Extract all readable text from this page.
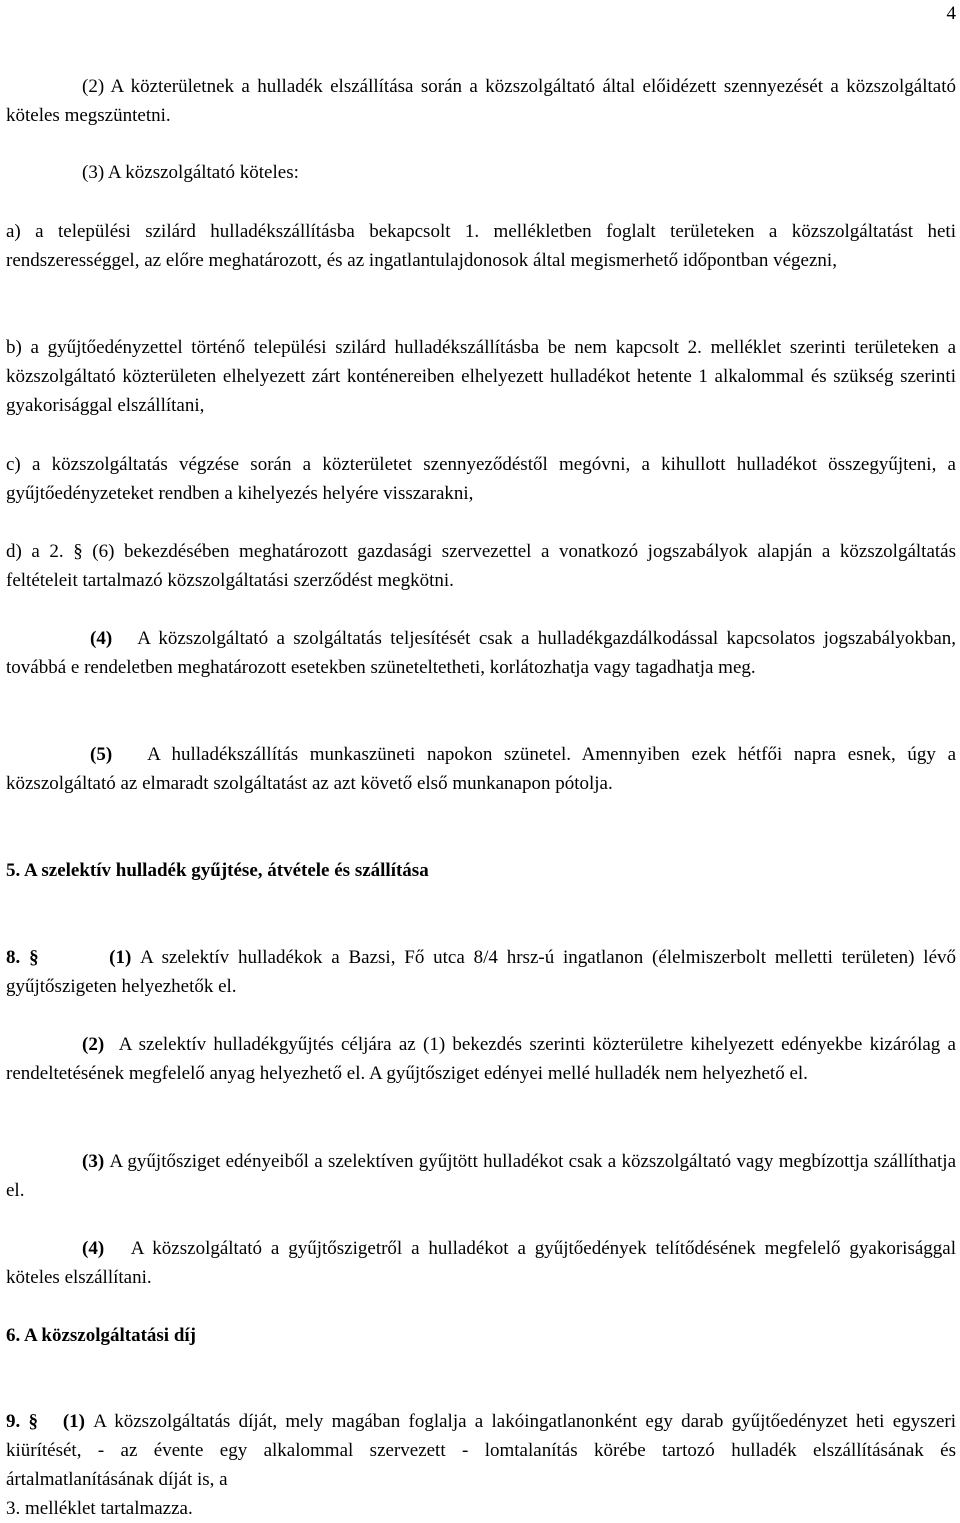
4

(2) A közterületnek a hulladék elszállítása során a közszolgáltató által előidézett szennyezését a közszolgáltató köteles megszüntetni.

(3) A közszolgáltató köteles:

a) a települési szilárd hulladékszállításba bekapcsolt 1. mellékletben foglalt területeken a közszolgáltatást heti rendszerességgel, az előre meghatározott, és az ingatlantulajdonosok által megismerhető időpontban végezni,

b) a gyűjtőedényzettel történő települési szilárd hulladékszállításba be nem kapcsolt 2. melléklet szerinti területeken a közszolgáltató közterületen elhelyezett zárt konténereiben elhelyezett hulladékot hetente 1 alkalommal és szükség szerinti gyakorisággal elszállítani,

c) a közszolgáltatás végzése során a közterületet szennyeződéstől megóvni, a kihullott hulladékot összegyűjteni, a gyűjtőedényzeteket rendben a kihelyezés helyére visszarakni,

d) a 2. § (6) bekezdésében meghatározott gazdasági szervezettel a vonatkozó jogszabályok alapján a közszolgáltatás feltételeit tartalmazó közszolgáltatási szerződést megkötni.

(4) A közszolgáltató a szolgáltatás teljesítését csak a hulladékgazdálkodással kapcsolatos jogszabályokban, továbbá e rendeletben meghatározott esetekben szüneteltetheti, korlátozhatja vagy tagadhatja meg.

(5) A hulladékszállítás munkaszüneti napokon szünetel. Amennyiben ezek hétfői napra esnek, úgy a közszolgáltató az elmaradt szolgáltatást az azt követő első munkanapon pótolja.

5. A szelektív hulladék gyűjtése, átvétele és szállítása

8. §	(1) A szelektív hulladékok a Bazsi, Fő utca 8/4 hrsz-ú ingatlanon (élelmiszerbolt melletti területen) lévő gyűjtőszigeten helyezhetők el.

(2) A szelektív hulladékgyűjtés céljára az (1) bekezdés szerinti közterületre kihelyezett edényekbe kizárólag a rendeltetésének megfelelő anyag helyezhető el. A gyűjtősziget edényei mellé hulladék nem helyezhető el.

(3) A gyűjtősziget edényeiből a szelektíven gyűjtött hulladékot csak a közszolgáltató vagy megbízottja szállíthatja el.

(4) A közszolgáltató a gyűjtőszigetről a hulladékot a gyűjtőedények telítődésének megfelelő gyakorisággal köteles elszállítani.

6. A közszolgáltatási díj

9. § (1) A közszolgáltatás díját, mely magában foglalja a lakóingatlanonként egy darab gyűjtőedényzet heti egyszeri kiürítését, - az évente egy alkalommal szervezett - lomtalanítás körébe tartozó hulladék elszállításának és ártalmatlanításának díját is, a
3. melléklet tartalmazza.
